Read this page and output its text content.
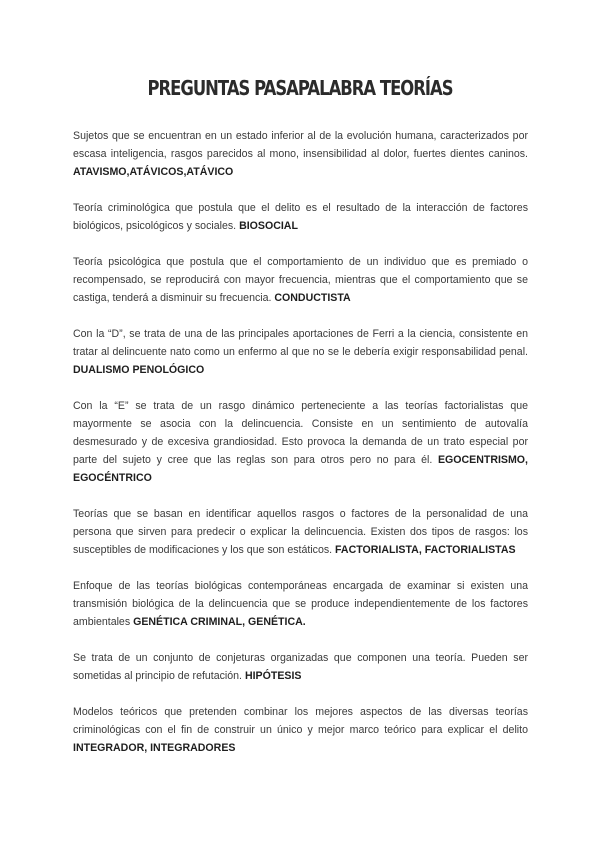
PREGUNTAS PASAPALABRA TEORÍAS

Sujetos que se encuentran en un estado inferior al de la evolución humana, caracterizados por escasa inteligencia, rasgos parecidos al mono, insensibilidad al dolor, fuertes dientes caninos. ATAVISMO,ATÁVICOS,ATÁVICO

Teoría criminológica que postula que el delito es el resultado de la interacción de factores biológicos, psicológicos y sociales. BIOSOCIAL

Teoría psicológica que postula que el comportamiento de un individuo que es premiado o recompensado, se reproducirá con mayor frecuencia, mientras que el comportamiento que se castiga, tenderá a disminuir su frecuencia. CONDUCTISTA

Con la “D”, se trata de una de las principales aportaciones de Ferri a la ciencia, consistente en tratar al delincuente nato como un enfermo al que no se le debería exigir responsabilidad penal. DUALISMO PENOLÓGICO

Con la “E” se trata de un rasgo dinámico perteneciente a las teorías factorialistas que mayormente se asocia con la delincuencia. Consiste en un sentimiento de autovalía desmesurado y de excesiva grandiosidad. Esto provoca la demanda de un trato especial por parte del sujeto y cree que las reglas son para otros pero no para él. EGOCENTRISMO, EGOCÉNTRICO

Teorías que se basan en identificar aquellos rasgos o factores de la personalidad de una persona que sirven para predecir o explicar la delincuencia. Existen dos tipos de rasgos: los susceptibles de modificaciones y los que son estáticos. FACTORIALISTA, FACTORIALISTAS

Enfoque de las teorías biológicas contemporáneas encargada de examinar si existen una transmisión biológica de la delincuencia que se produce independientemente de los factores ambientales GENÉTICA CRIMINAL, GENÉTICA.

Se trata de un conjunto de conjeturas organizadas que componen una teoría. Pueden ser sometidas al principio de refutación. HIPÓTESIS

Modelos teóricos que pretenden combinar los mejores aspectos de las diversas teorías criminológicas con el fin de construir un único y mejor marco teórico para explicar el delito INTEGRADOR, INTEGRADORES
